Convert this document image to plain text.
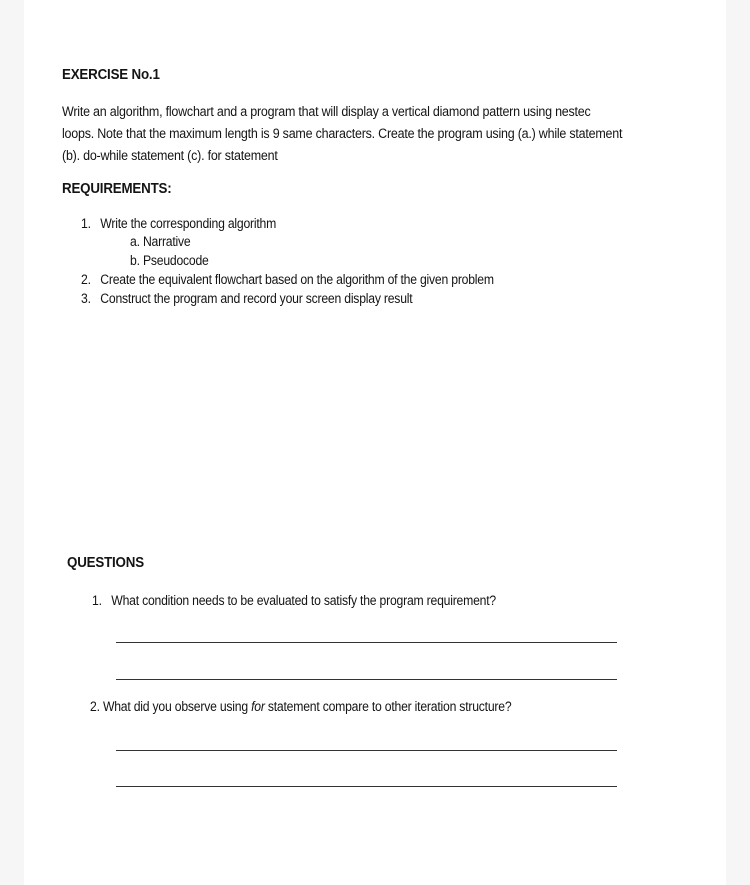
EXERCISE No.1
Write an algorithm, flowchart and a program that will display a vertical diamond pattern using nestec
loops. Note that the maximum length is 9 same characters. Create the program using (a.) while statement
(b). do-while statement (c). for statement
REQUIREMENTS:
1. Write the corresponding algorithm
a. Narrative
b. Pseudocode
2. Create the equivalent flowchart based on the algorithm of the given problem
3. Construct the program and record your screen display result
QUESTIONS
1. What condition needs to be evaluated to satisfy the program requirement?
2. What did you observe using for statement compare to other iteration structure?
